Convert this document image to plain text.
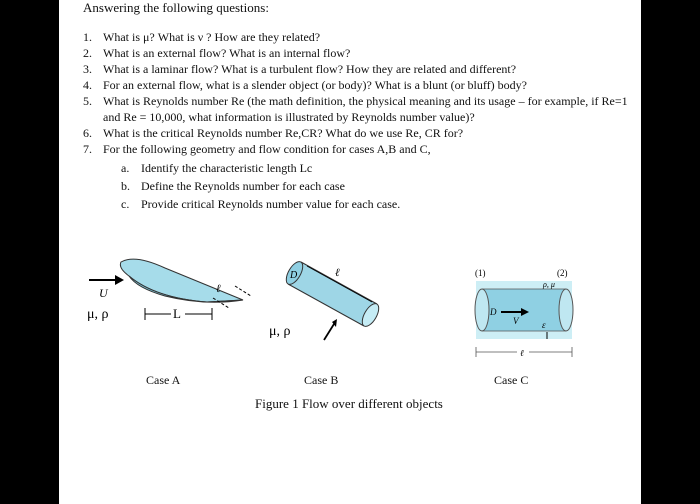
Answering the following questions:
1. What is μ? What is ν ? How are they related?
2. What is an external flow? What is an internal flow?
3. What is a laminar flow? What is a turbulent flow? How they are related and different?
4. For an external flow, what is a slender object (or body)? What is a blunt (or bluff) body?
5. What is Reynolds number Re (the math definition, the physical meaning and its usage – for example, if Re=1 and Re = 10,000, what information is illustrated by Reynolds number value)?
6. What is the critical Reynolds number Re,CR? What do we use Re, CR for?
7. For the following geometry and flow condition for cases A,B and C,
a. Identify the characteristic length Lc
b. Define the Reynolds number for each case
c. Provide critical Reynolds number value for each case.
U
μ, ρ	L
ℓ
ℓ
D
μ, ρ
(1)	(2)
ρ, μ
D
V	ε
ℓ
Case A	Case B	Case C
Figure 1 Flow over different objects
